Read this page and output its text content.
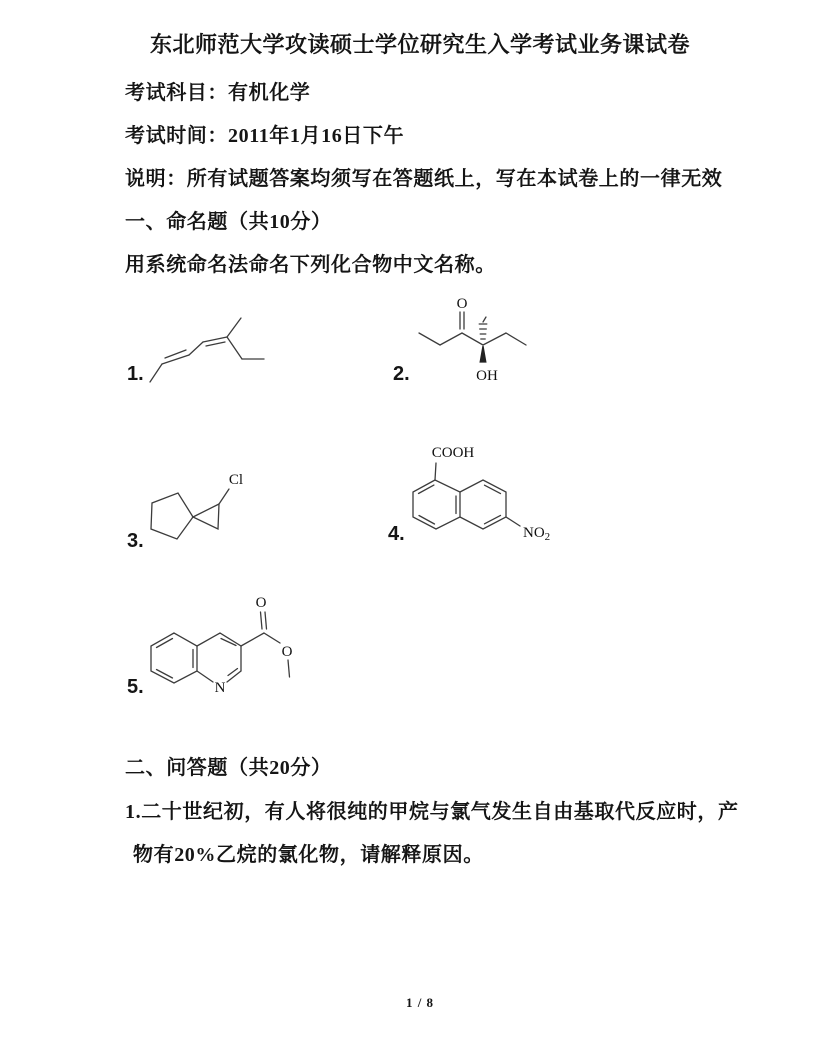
东北师范大学攻读硕士学位研究生入学考试业务课试卷
考试科目：有机化学
考试时间：2011年1月16日下午
说明：所有试题答案均须写在答题纸上，写在本试卷上的一律无效
一、命名题（共10分）
用系统命名法命名下列化合物中文名称。
1.	2.
O
OH
3.
Cl
4.
COOH
$NO_2$
5.	N
O
O
二、问答题（共20分）
1.二十世纪初，有人将很纯的甲烷与氯气发生自由基取代反应时，产
物有20%乙烷的氯化物，请解释原因。
1 / 8
